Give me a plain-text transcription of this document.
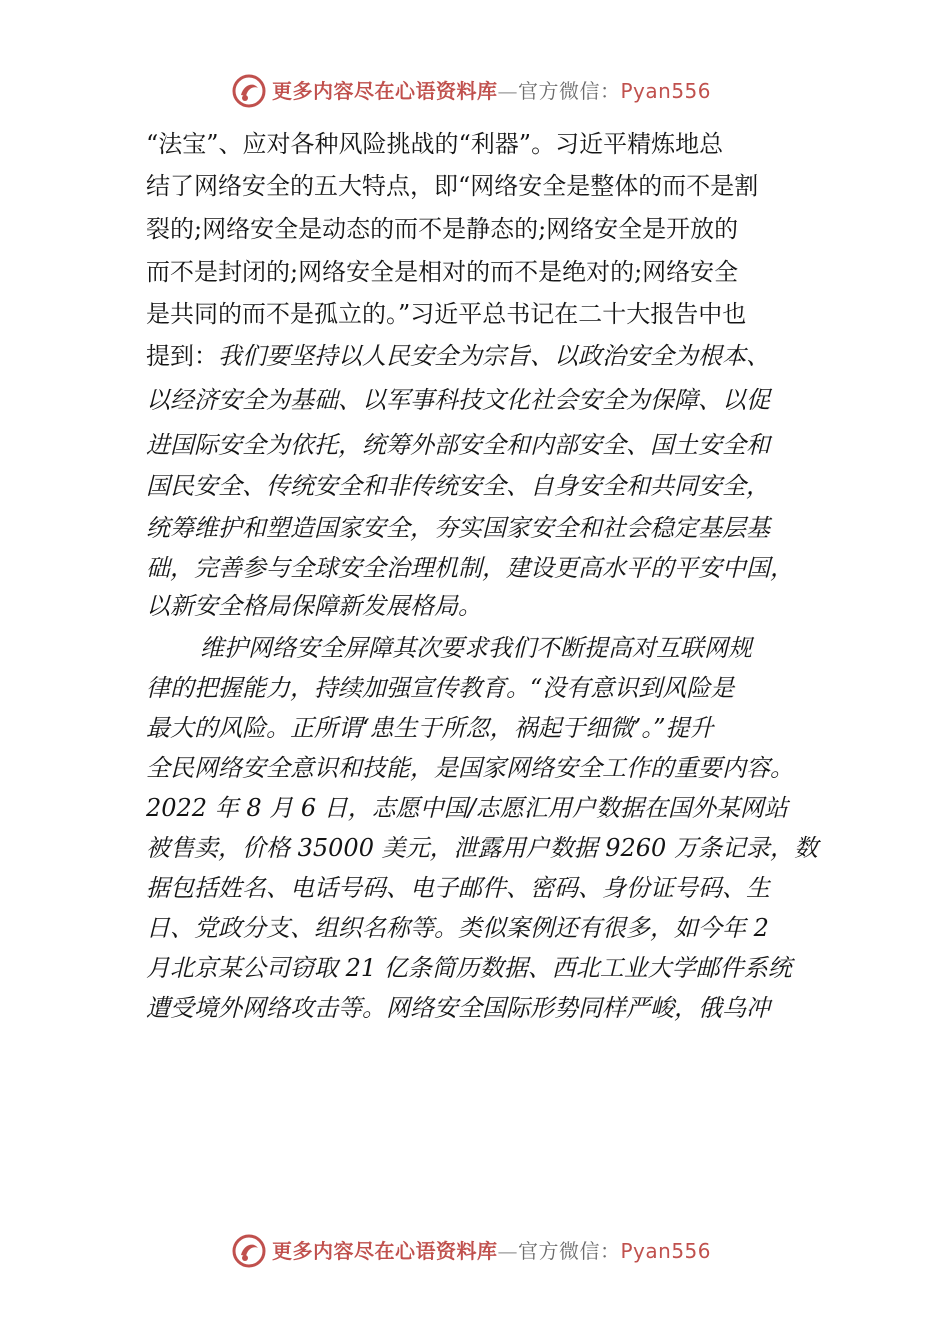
更多内容尽在心语资料库—官方微信：Pyan556
“法宝”、应对各种风险挑战的“利器”。习近平精炼地总
结了网络安全的五大特点，即“网络安全是整体的而不是割
裂的;网络安全是动态的而不是静态的;网络安全是开放的
而不是封闭的;网络安全是相对的而不是绝对的;网络安全
是共同的而不是孤立的。”习近平总书记在二十大报告中也
提到：我们要坚持以人民安全为宗旨、以政治安全为根本、
以经济安全为基础、以军事科技文化社会安全为保障、以促
进国际安全为依托，统筹外部安全和内部安全、国土安全和
国民安全、传统安全和非传统安全、自身安全和共同安全，
统筹维护和塑造国家安全，夯实国家安全和社会稳定基层基
础，完善参与全球安全治理机制，建设更高水平的平安中国，
以新安全格局保障新发展格局。
维护网络安全屏障其次要求我们不断提高对互联网规
律的把握能力，持续加强宣传教育。“没有意识到风险是
最大的风险。正所谓‘患生于所忽，祸起于细微’。”提升
全民网络安全意识和技能，是国家网络安全工作的重要内容。
2022 年 8 月 6 日，志愿中国/志愿汇用户数据在国外某网站
被售卖，价格 35000 美元，泄露用户数据 9260 万条记录，数
据包括姓名、电话号码、电子邮件、密码、身份证号码、生
日、党政分支、组织名称等。类似案例还有很多，如今年 2
月北京某公司窃取 21 亿条简历数据、西北工业大学邮件系统
遭受境外网络攻击等。网络安全国际形势同样严峻，俄乌冲
更多内容尽在心语资料库—官方微信：Pyan556
